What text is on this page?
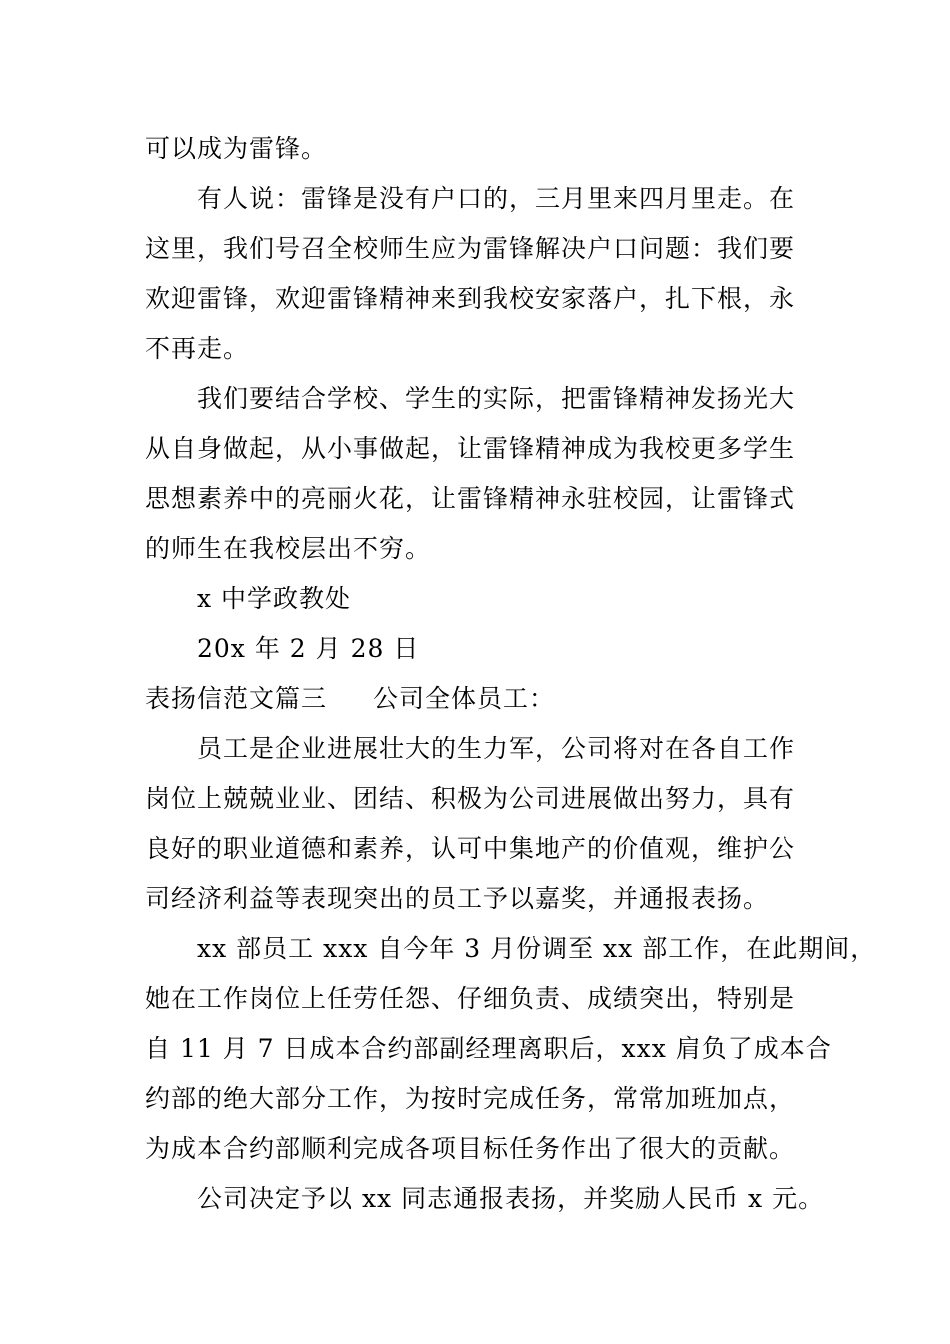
可以成为雷锋。
有人说：雷锋是没有户口的，三月里来四月里走。在
这里，我们号召全校师生应为雷锋解决户口问题：我们要
欢迎雷锋，欢迎雷锋精神来到我校安家落户，扎下根，永
不再走。
我们要结合学校、学生的实际，把雷锋精神发扬光大
从自身做起，从小事做起，让雷锋精神成为我校更多学生
思想素养中的亮丽火花，让雷锋精神永驻校园，让雷锋式
的师生在我校层出不穷。
x 中学政教处
20x 年 2 月 28 日
表扬信范文篇三 公司全体员工：
员工是企业进展壮大的生力军，公司将对在各自工作
岗位上兢兢业业、团结、积极为公司进展做出努力，具有
良好的职业道德和素养，认可中集地产的价值观，维护公
司经济利益等表现突出的员工予以嘉奖，并通报表扬。
xx 部员工 xxx 自今年 3 月份调至 xx 部工作，在此期间，
她在工作岗位上任劳任怨、仔细负责、成绩突出，特别是
自 11 月 7 日成本合约部副经理离职后，xxx 肩负了成本合
约部的绝大部分工作，为按时完成任务，常常加班加点，
为成本合约部顺利完成各项目标任务作出了很大的贡献。
公司决定予以 xx 同志通报表扬，并奖励人民币 x 元。
